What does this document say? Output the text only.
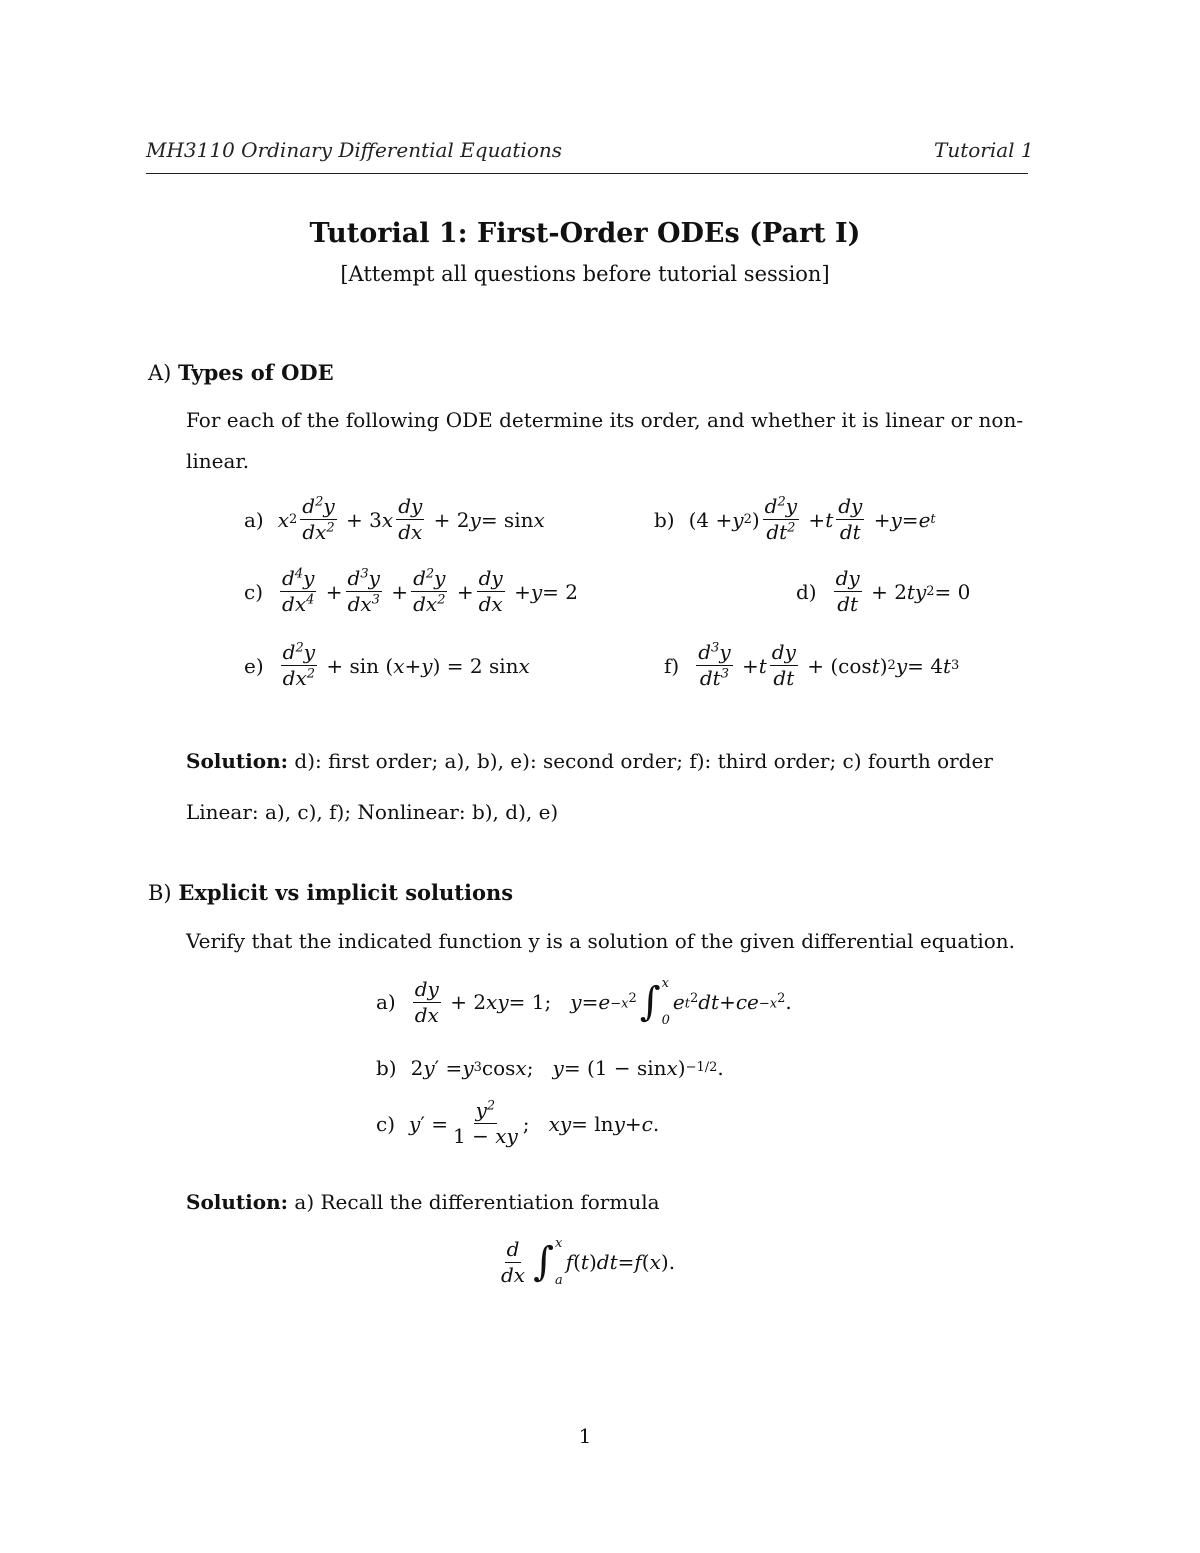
MH3110 Ordinary Differential Equations	Tutorial 1
Tutorial 1: First-Order ODEs (Part I)
[Attempt all questions before tutorial session]
A) Types of ODE
For each of the following ODE determine its order, and whether it is linear or non-
linear.
a) x $2 \frac{d^2y}{dx^2} + 3$ x $\frac{dy}{dx} + 2$ y = sin x	b) (4 + y 2 ) $\frac{d^2y}{dt^2} + t \frac{dy}{dt} + y = e$ t
$c) \frac{d^4y}{dx^4} + \frac{d^3y}{dx^3} + \frac{d^2y}{dx^2} + \frac{dy}{dx} + y = 2$	$d) \frac{dy}{dt} + 2$ ty 2 = 0
$e) \frac{d^2y}{dx^2} + \sin$ ( x + y ) = 2 sin x	$f) \frac{d^3y}{dt^3} + t \frac{dy}{dt} + (\cos$ t ) 2 y = 4 t 3
Solution: d): first order; a), b), e): second order; f): third order; c) fourth order
Linear: a), c), f); Nonlinear: b), d), e)
B) Explicit vs implicit solutions
Verify that the indicated function y is a solution of the given differential equation.
$a) \frac{dy}{dx} + 2$ xy = 1; $y = e -x^2$ ∫ x
0
e $t^2$ dt + ce $-x^2$ .
b) 2 y ′ = y 3 cos x ; y = (1 − sin x ) −1/2 .
c) y ′ = $\frac{y^2}{1 - xy}$ ; xy = ln y + c .
Solution: a) Recall the differentiation formula
$\frac{d}{dx}$ ∫ x
a
f ( t ) dt = f ( x ).
1
